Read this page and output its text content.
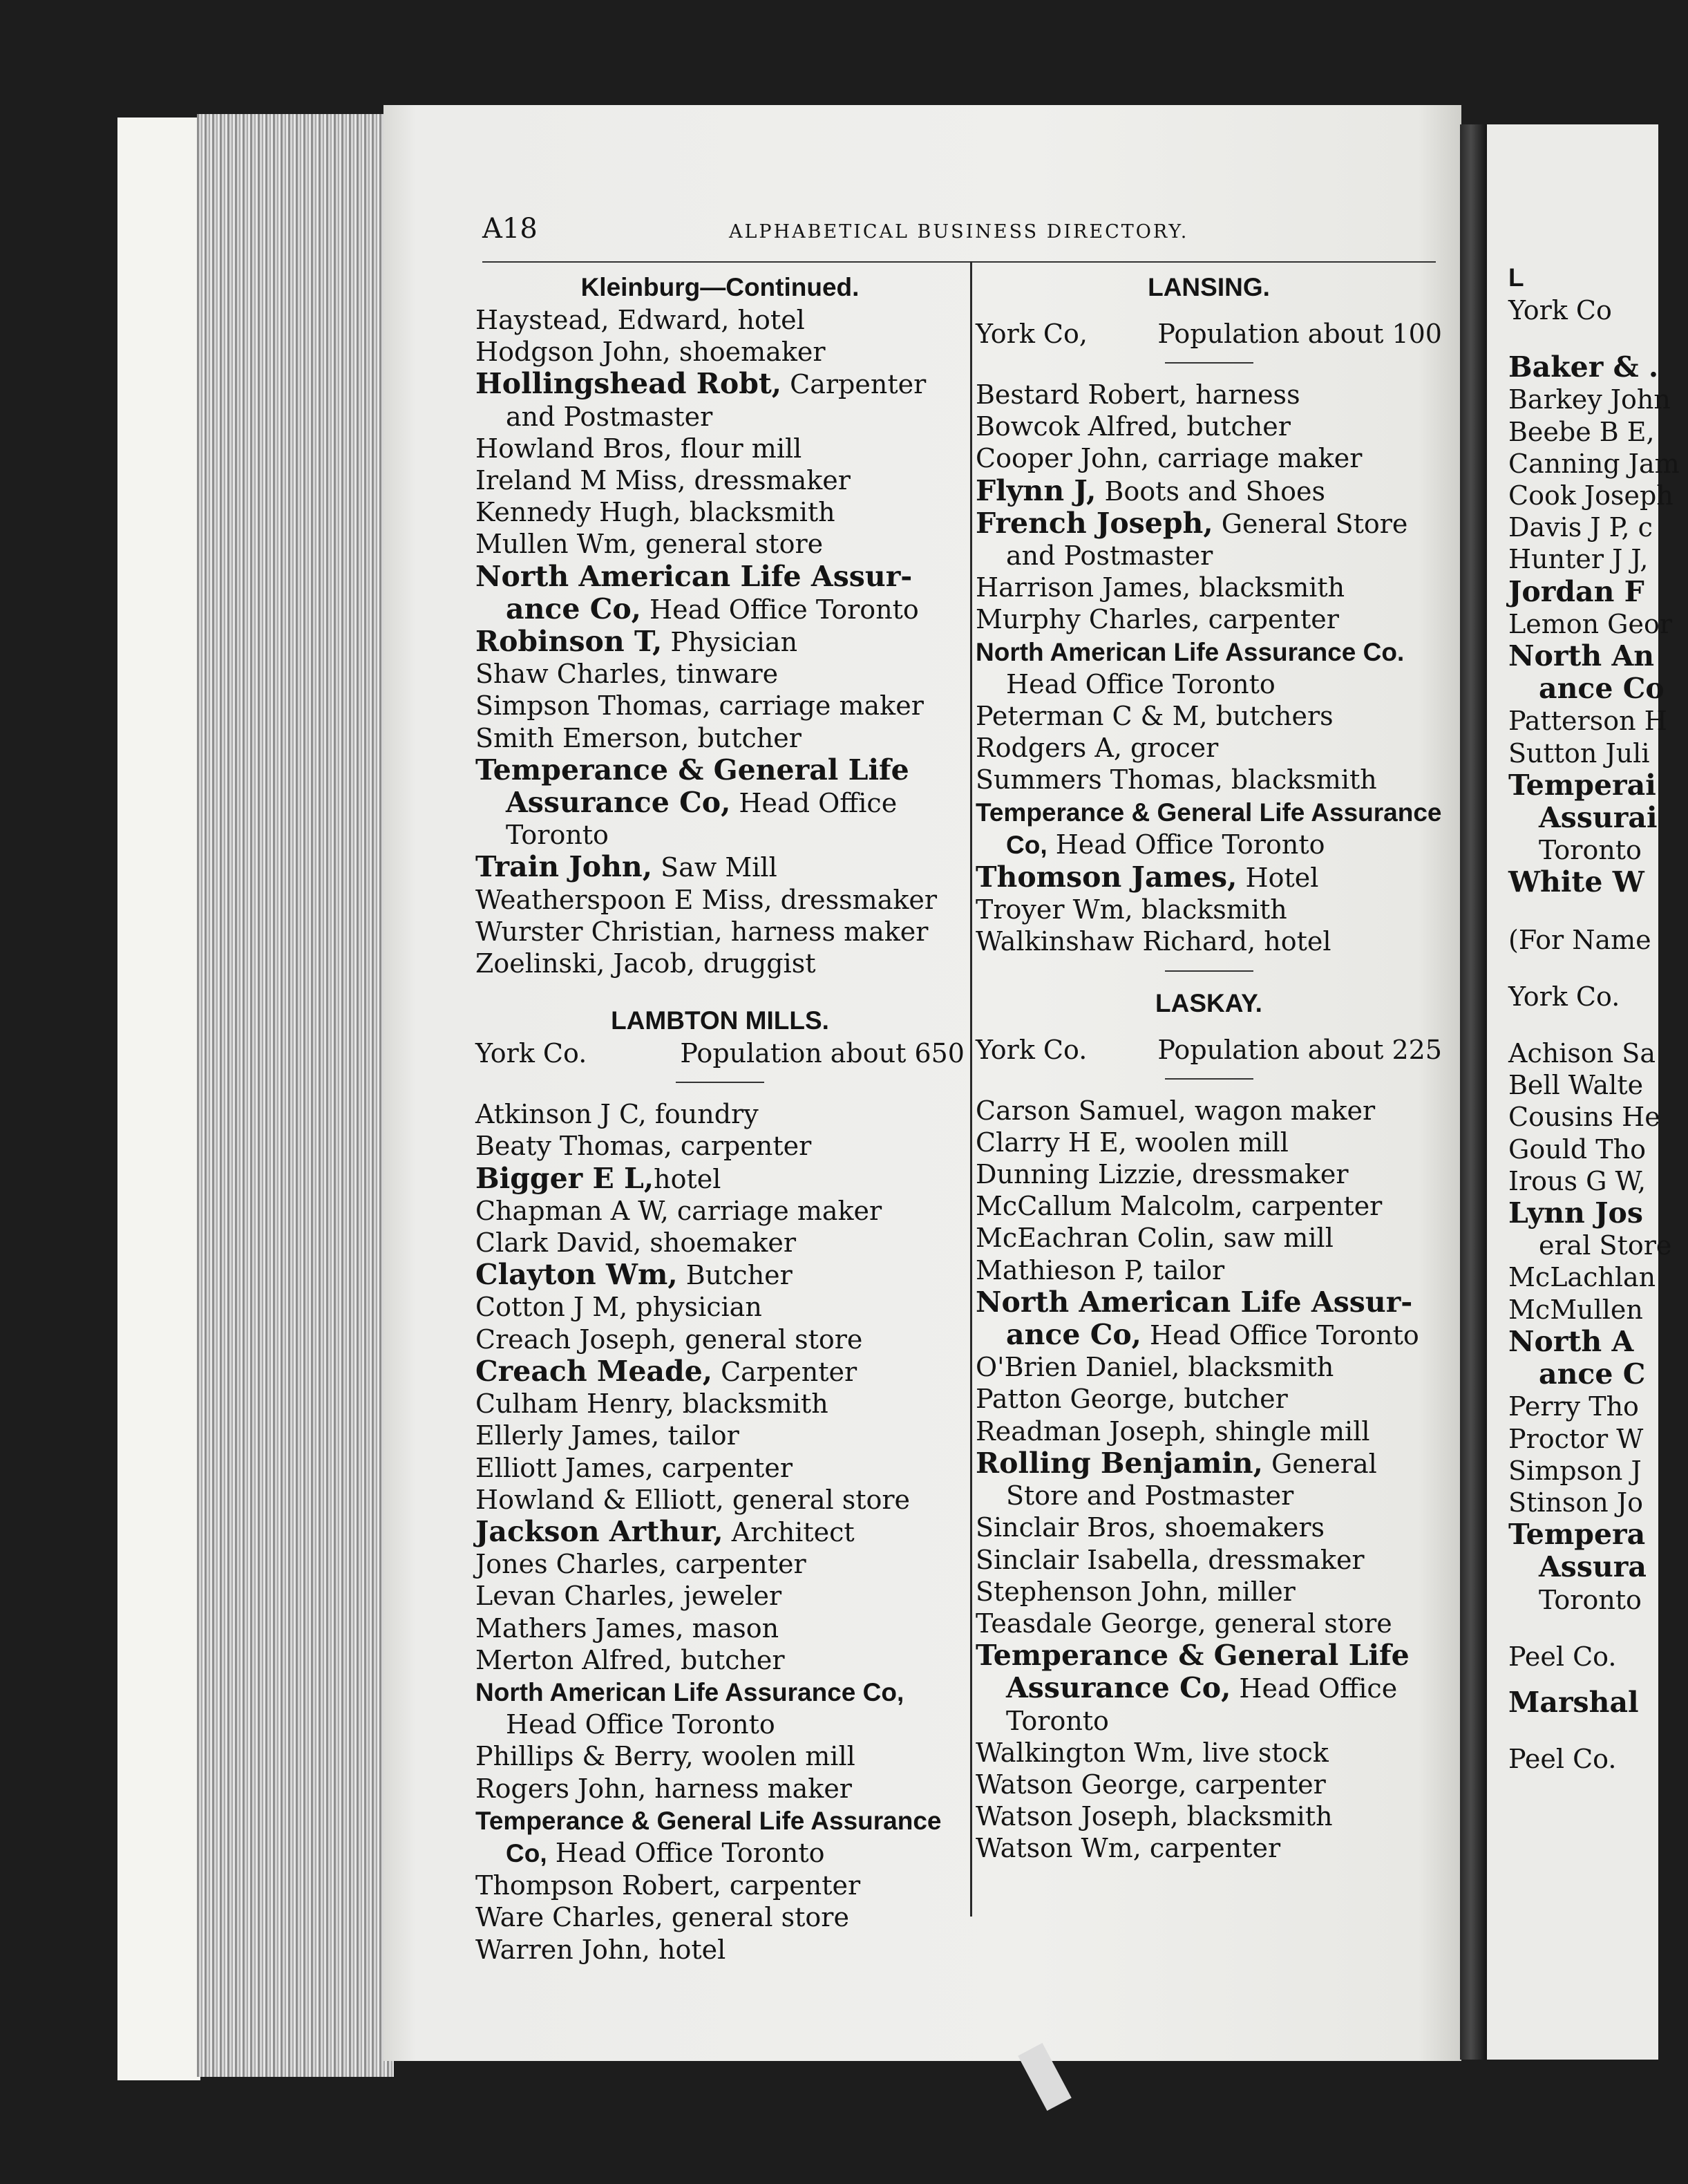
A18	ALPHABETICAL BUSINESS DIRECTORY.
Kleinburg—Continued.
Haystead, Edward, hotel
Hodgson John, shoemaker
Hollingshead Robt, Carpenter
and Postmaster
Howland Bros, flour mill
Ireland M Miss, dressmaker
Kennedy Hugh, blacksmith
Mullen Wm, general store
North American Life Assur-
ance Co, Head Office Toronto
Robinson T, Physician
Shaw Charles, tinware
Simpson Thomas, carriage maker
Smith Emerson, butcher
Temperance & General Life
Assurance Co, Head Office
Toronto
Train John, Saw Mill
Weatherspoon E Miss, dressmaker
Wurster Christian, harness maker
Zoelinski, Jacob, druggist
LAMBTON MILLS.
York Co.	Population about 650
Atkinson J C, foundry
Beaty Thomas, carpenter
Bigger E L,hotel
Chapman A W, carriage maker
Clark David, shoemaker
Clayton Wm, Butcher
Cotton J M, physician
Creach Joseph, general store
Creach Meade, Carpenter
Culham Henry, blacksmith
Ellerly James, tailor
Elliott James, carpenter
Howland & Elliott, general store
Jackson Arthur, Architect
Jones Charles, carpenter
Levan Charles, jeweler
Mathers James, mason
Merton Alfred, butcher
North American Life Assurance Co,
Head Office Toronto
Phillips & Berry, woolen mill
Rogers John, harness maker
Temperance & General Life Assurance
Co, Head Office Toronto
Thompson Robert, carpenter
Ware Charles, general store
Warren John, hotel
LANSING.
York Co,	Population about 100
Bestard Robert, harness
Bowcok Alfred, butcher
Cooper John, carriage maker
Flynn J, Boots and Shoes
French Joseph, General Store
and Postmaster
Harrison James, blacksmith
Murphy Charles, carpenter
North American Life Assurance Co.
Head Office Toronto
Peterman C & M, butchers
Rodgers A, grocer
Summers Thomas, blacksmith
Temperance & General Life Assurance
Co, Head Office Toronto
Thomson James, Hotel
Troyer Wm, blacksmith
Walkinshaw Richard, hotel
LASKAY.
York Co.	Population about 225
Carson Samuel, wagon maker
Clarry H E, woolen mill
Dunning Lizzie, dressmaker
McCallum Malcolm, carpenter
McEachran Colin, saw mill
Mathieson P, tailor
North American Life Assur-
ance Co, Head Office Toronto
O'Brien Daniel, blacksmith
Patton George, butcher
Readman Joseph, shingle mill
Rolling Benjamin, General
Store and Postmaster
Sinclair Bros, shoemakers
Sinclair Isabella, dressmaker
Stephenson John, miller
Teasdale George, general store
Temperance & General Life
Assurance Co, Head Office
Toronto
Walkington Wm, live stock
Watson George, carpenter
Watson Joseph, blacksmith
Watson Wm, carpenter
L
York Co
Baker & .
Barkey John
Beebe B E,
Canning Jam
Cook Joseph
Davis J P, c
Hunter J J,
Jordan F
Lemon Geor
North An
ance Co
Patterson H
Sutton Juli
Temperai
Assurai
Toronto
White W
(For Name
York Co.
Achison Sa
Bell Walte
Cousins He
Gould Tho
Irous G W,
Lynn Jos
eral Store
McLachlan
McMullen
North A
ance C
Perry Tho
Proctor W
Simpson J
Stinson Jo
Tempera
Assura
Toronto
Peel Co.
Marshal
Peel Co.
